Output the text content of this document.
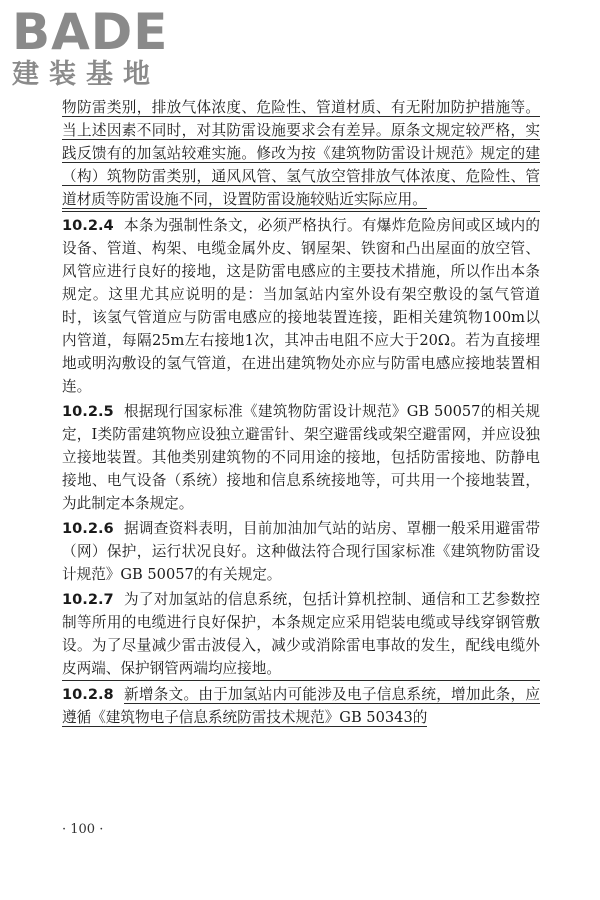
BADE
建装基地

物防雷类别，排放气体浓度、危险性、管道材质、有无附加防护措施等。当上述因素不同时，对其防雷设施要求会有差异。原条文规定较严格，实践反馈有的加氢站较难实施。修改为按《建筑物防雷设计规范》规定的建（构）筑物防雷类别，通风风管、氢气放空管排放气体浓度、危险性、管道材质等防雷设施不同，设置防雷设施较贴近实际应用。

10.2.4 本条为强制性条文，必须严格执行。有爆炸危险房间或区域内的设备、管道、构架、电缆金属外皮、钢屋架、铁窗和凸出屋面的放空管、风管应进行良好的接地，这是防雷电感应的主要技术措施，所以作出本条规定。这里尤其应说明的是：当加氢站内室外设有架空敷设的氢气管道时，该氢气管道应与防雷电感应的接地装置连接，距相关建筑物100m以内管道，每隔25m左右接地1次，其冲击电阻不应大于20Ω。若为直接埋地或明沟敷设的氢气管道，在进出建筑物处亦应与防雷电感应接地装置相连。

10.2.5 根据现行国家标准《建筑物防雷设计规范》GB 50057的相关规定，Ⅰ类防雷建筑物应设独立避雷针、架空避雷线或架空避雷网，并应设独立接地装置。其他类别建筑物的不同用途的接地，包括防雷接地、防静电接地、电气设备（系统）接地和信息系统接地等，可共用一个接地装置，为此制定本条规定。

10.2.6 据调查资料表明，目前加油加气站的站房、罩棚一般采用避雷带（网）保护，运行状况良好。这种做法符合现行国家标准《建筑物防雷设计规范》GB 50057的有关规定。

10.2.7 为了对加氢站的信息系统，包括计算机控制、通信和工艺参数控制等所用的电缆进行良好保护，本条规定应采用铠装电缆或导线穿钢管敷设。为了尽量减少雷击波侵入，减少或消除雷电事故的发生，配线电缆外皮两端、保护钢管两端均应接地。

10.2.8 新增条文。由于加氢站内可能涉及电子信息系统，增加此条，应遵循《建筑物电子信息系统防雷技术规范》GB 50343的

· 100 ·
